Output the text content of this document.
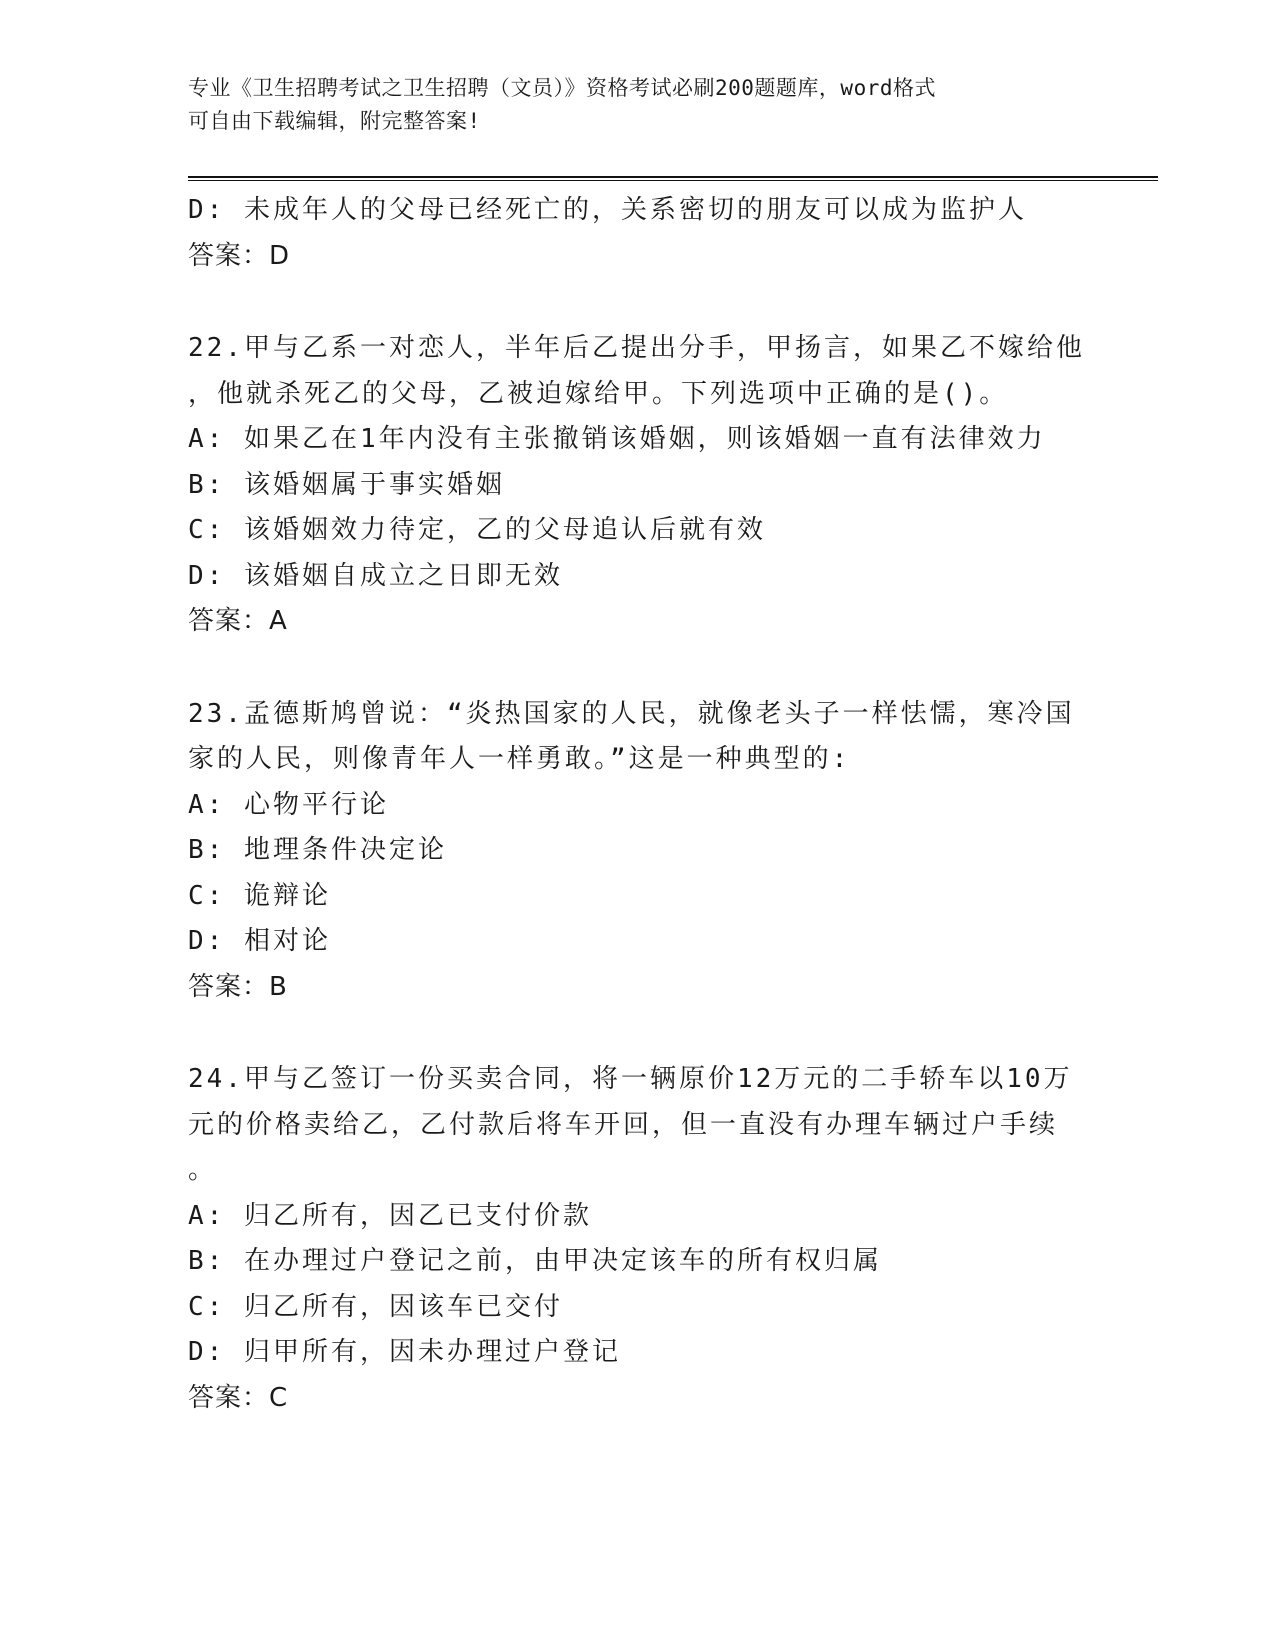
专业《卫生招聘考试之卫生招聘（文员）》资格考试必刷200题题库，word格式
可自由下载编辑，附完整答案!
D: 未成年人的父母已经死亡的，关系密切的朋友可以成为监护人
答案：D
22.甲与乙系一对恋人，半年后乙提出分手，甲扬言，如果乙不嫁给他
，他就杀死乙的父母，乙被迫嫁给甲。下列选项中正确的是()。
A: 如果乙在1年内没有主张撤销该婚姻，则该婚姻一直有法律效力
B: 该婚姻属于事实婚姻
C: 该婚姻效力待定，乙的父母追认后就有效
D: 该婚姻自成立之日即无效
答案：A
23.孟德斯鸠曾说：“炎热国家的人民，就像老头子一样怯懦，寒冷国
家的人民，则像青年人一样勇敢。”这是一种典型的:
A: 心物平行论
B: 地理条件决定论
C: 诡辩论
D: 相对论
答案：B
24.甲与乙签订一份买卖合同，将一辆原价12万元的二手轿车以10万
元的价格卖给乙，乙付款后将车开回，但一直没有办理车辆过户手续
。
A: 归乙所有，因乙已支付价款
B: 在办理过户登记之前，由甲决定该车的所有权归属
C: 归乙所有，因该车已交付
D: 归甲所有，因未办理过户登记
答案：C
